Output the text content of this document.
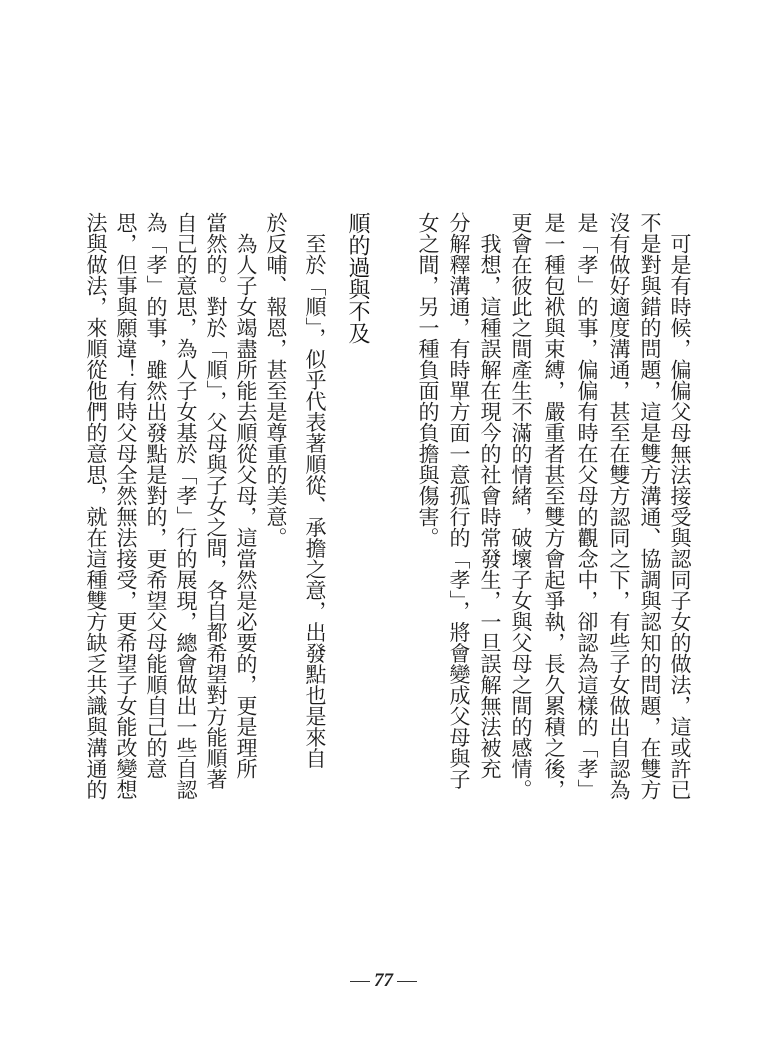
　可是有時候，偏偏父母無法接受與認同子女的做法，這或許已
不是對與錯的問題，這是雙方溝通、協調與認知的問題，在雙方
沒有做好適度溝通，甚至在雙方認同之下，有些子女做出自認為
是「孝」的事，偏偏有時在父母的觀念中，卻認為這樣的「孝」
是一種包袱與束縛，嚴重者甚至雙方會起爭執，長久累積之後，
更會在彼此之間產生不滿的情緒，破壞子女與父母之間的感情。
　我想，這種誤解在現今的社會時常發生，一旦誤解無法被充
分解釋溝通，有時單方面一意孤行的「孝」，將會變成父母與子
女之間，另一種負面的負擔與傷害。
順的過與不及
　至於「順」，似乎代表著順從、承擔之意，出發點也是來自
於反哺、報恩，甚至是尊重的美意。
　為人子女竭盡所能去順從父母，這當然是必要的，更是理所
當然的。對於「順」，父母與子女之間，各自都希望對方能順著
自己的意思，為人子女基於「孝」行的展現，總會做出一些自認
為「孝」的事，雖然出發點是對的，更希望父母能順自己的意
思，但事與願違！有時父母全然無法接受，更希望子女能改變想
法與做法，來順從他們的意思，就在這種雙方缺乏共識與溝通的
77
